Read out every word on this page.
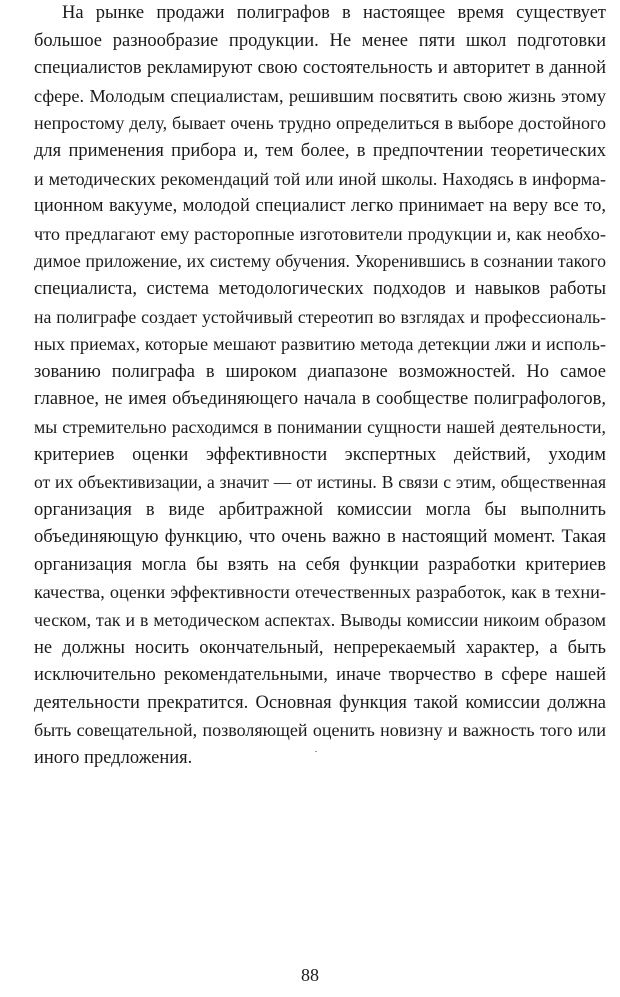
На рынке продажи полиграфов в настоящее время существует
большое разнообразие продукции. Не менее пяти школ подготовки
специалистов рекламируют свою состоятельность и авторитет в данной
сфере. Молодым специалистам, решившим посвятить свою жизнь этому
непростому делу, бывает очень трудно определиться в выборе достойного
для применения прибора и, тем более, в предпочтении теоретических
и методических рекомендаций той или иной школы. Находясь в информа-
ционном вакууме, молодой специалист легко принимает на веру все то,
что предлагают ему расторопные изготовители продукции и, как необхо-
димое приложение, их систему обучения. Укоренившись в сознании такого
специалиста, система методологических подходов и навыков работы
на полиграфе создает устойчивый стереотип во взглядах и профессиональ-
ных приемах, которые мешают развитию метода детекции лжи и исполь-
зованию полиграфа в широком диапазоне возможностей. Но самое
главное, не имея объединяющего начала в сообществе полиграфологов,
мы стремительно расходимся в понимании сущности нашей деятельности,
критериев оценки эффективности экспертных действий, уходим
от их объективизации, а значит — от истины. В связи с этим, общественная
организация в виде арбитражной комиссии могла бы выполнить
объединяющую функцию, что очень важно в настоящий момент. Такая
организация могла бы взять на себя функции разработки критериев
качества, оценки эффективности отечественных разработок, как в техни-
ческом, так и в методическом аспектах. Выводы комиссии никоим образом
не должны носить окончательный, непререкаемый характер, а быть
исключительно рекомендательными, иначе творчество в сфере нашей
деятельности прекратится. Основная функция такой комиссии должна
быть совещательной, позволяющей оценить новизну и важность того или
иного предложения.
88
